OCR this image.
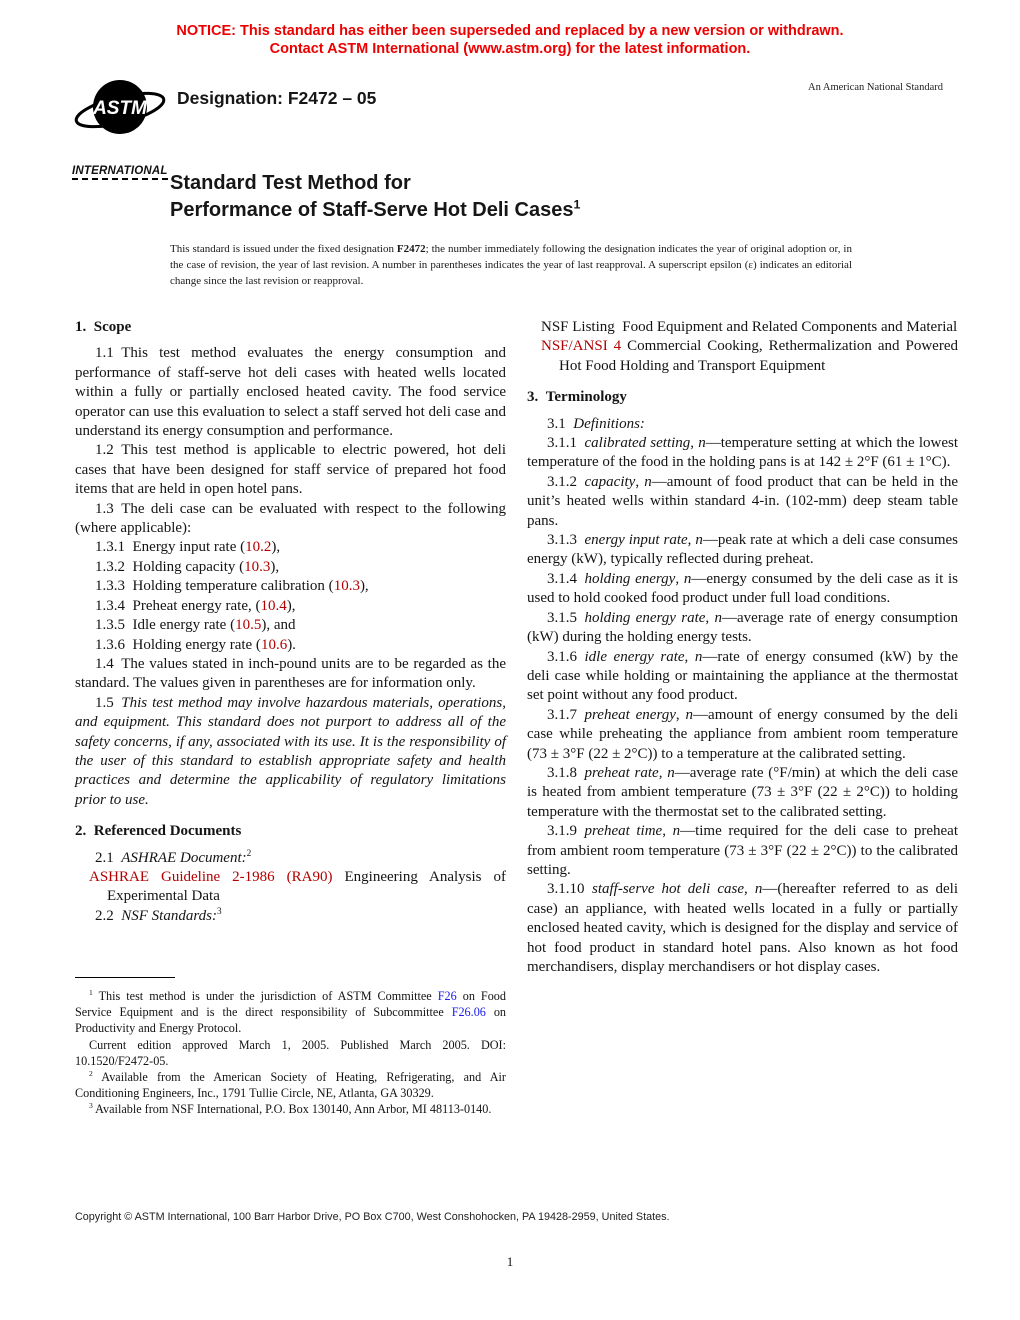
NOTICE: This standard has either been superseded and replaced by a new version or withdrawn.
Contact ASTM International (www.astm.org) for the latest information.
ASTM
INTERNATIONAL
Designation: F2472 – 05
An American National Standard
Standard Test Method for
Performance of Staff-Serve Hot Deli Cases$^1$
This standard is issued under the fixed designation F2472; the number immediately following the designation indicates the year of original adoption or, in the case of revision, the year of last revision. A number in parentheses indicates the year of last reapproval. A superscript epsilon (ε) indicates an editorial change since the last revision or reapproval.

1. Scope

1.1 This test method evaluates the energy consumption and performance of staff-serve hot deli cases with heated wells located within a fully or partially enclosed heated cavity. The food service operator can use this evaluation to select a staff served hot deli case and understand its energy consumption and performance.

1.2 This test method is applicable to electric powered, hot deli cases that have been designed for staff service of prepared hot food items that are held in open hotel pans.

1.3 The deli case can be evaluated with respect to the following (where applicable):

1.3.1 Energy input rate (10.2),

1.3.2 Holding capacity (10.3),

1.3.3 Holding temperature calibration (10.3),

1.3.4 Preheat energy rate, (10.4),

1.3.5 Idle energy rate (10.5), and

1.3.6 Holding energy rate (10.6).

1.4 The values stated in inch-pound units are to be regarded as the standard. The values given in parentheses are for information only.

1.5 This test method may involve hazardous materials, operations, and equipment. This standard does not purport to address all of the safety concerns, if any, associated with its use. It is the responsibility of the user of this standard to establish appropriate safety and health practices and determine the applicability of regulatory limitations prior to use.

2. Referenced Documents

2.1 ASHRAE Document:$^2$

ASHRAE Guideline 2-1986 (RA90) Engineering Analysis of Experimental Data

2.2 NSF Standards:$^3$

NSF Listing Food Equipment and Related Components and Material

NSF/ANSI 4 Commercial Cooking, Rethermalization and Powered Hot Food Holding and Transport Equipment

3. Terminology

3.1 Definitions:

3.1.1 calibrated setting, n—temperature setting at which the lowest temperature of the food in the holding pans is at 142 ± 2°F (61 ± 1°C).

3.1.2 capacity, n—amount of food product that can be held in the unit’s heated wells within standard 4-in. (102-mm) deep steam table pans.

3.1.3 energy input rate, n—peak rate at which a deli case consumes energy (kW), typically reflected during preheat.

3.1.4 holding energy, n—energy consumed by the deli case as it is used to hold cooked food product under full load conditions.

3.1.5 holding energy rate, n—average rate of energy consumption (kW) during the holding energy tests.

3.1.6 idle energy rate, n—rate of energy consumed (kW) by the deli case while holding or maintaining the appliance at the thermostat set point without any food product.

3.1.7 preheat energy, n—amount of energy consumed by the deli case while preheating the appliance from ambient room temperature (73 ± 3°F (22 ± 2°C)) to a temperature at the calibrated setting.

3.1.8 preheat rate, n—average rate (°F/min) at which the deli case is heated from ambient temperature (73 ± 3°F (22 ± 2°C)) to holding temperature with the thermostat set to the calibrated setting.

3.1.9 preheat time, n—time required for the deli case to preheat from ambient room temperature (73 ± 3°F (22 ± 2°C)) to the calibrated setting.

3.1.10 staff-serve hot deli case, n—(hereafter referred to as deli case) an appliance, with heated wells located in a fully or partially enclosed heated cavity, which is designed for the display and service of hot food product in standard hotel pans. Also known as hot food merchandisers, display merchandisers or hot display cases.

$^1$ This test method is under the jurisdiction of ASTM Committee F26 on Food Service Equipment and is the direct responsibility of Subcommittee F26.06 on Productivity and Energy Protocol.

Current edition approved March 1, 2005. Published March 2005. DOI: 10.1520/F2472-05.

$^2$ Available from the American Society of Heating, Refrigerating, and Air Conditioning Engineers, Inc., 1791 Tullie Circle, NE, Atlanta, GA 30329.

$^3$ Available from NSF International, P.O. Box 130140, Ann Arbor, MI 48113-0140.

Copyright © ASTM International, 100 Barr Harbor Drive, PO Box C700, West Conshohocken, PA 19428-2959, United States.
1
